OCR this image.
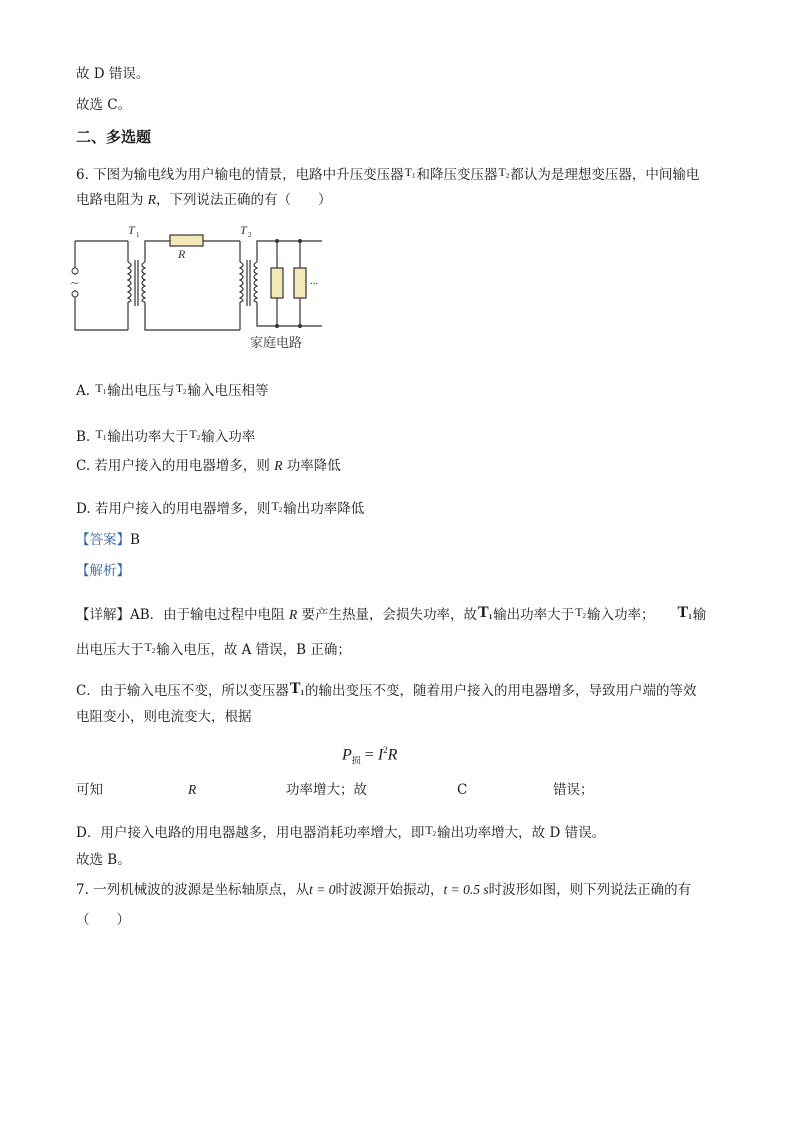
故 D 错误。
故选 C。
二、多选题
6. 下图为输电线为用户输电的情景，电路中升压变压器$T_1$和降压变压器$T_2$都认为是理想变压器，中间输电
电路电阻为 R，下列说法正确的有（　　）
~
T 1
R
T 2
...
家庭电路
A. $T_1$输出电压与$T_2$输入电压相等
B. $T_1$输出功率大于$T_2$输入功率
C. 若用户接入的用电器增多，则 R 功率降低
D. 若用户接入的用电器增多，则$T_2$输出功率降低
【答案】B
【解析】
【详解】AB．由于输电过程中电阻 R 要产生热量，会损失功率，故$T_1$输出功率大于$T_2$输入功率； $T_1$输
出电压大于$T_2$输入电压，故 A 错误，B 正确；
C．由于输入电压不变，所以变压器$T_1$的输出变压不变，随着用户接入的用电器增多，导致用户端的等效
电阻变小，则电流变大，根据
$P_损 = I^2R$
可知	R	功率增大；故	C	错误；
D．用户接入电路的用电器越多，用电器消耗功率增大，即$T_2$输出功率增大，故 D 错误。
故选 B。
7. 一列机械波的波源是坐标轴原点，从t = 0时波源开始振动，t = 0.5 s时波形如图，则下列说法正确的有
（　　）
